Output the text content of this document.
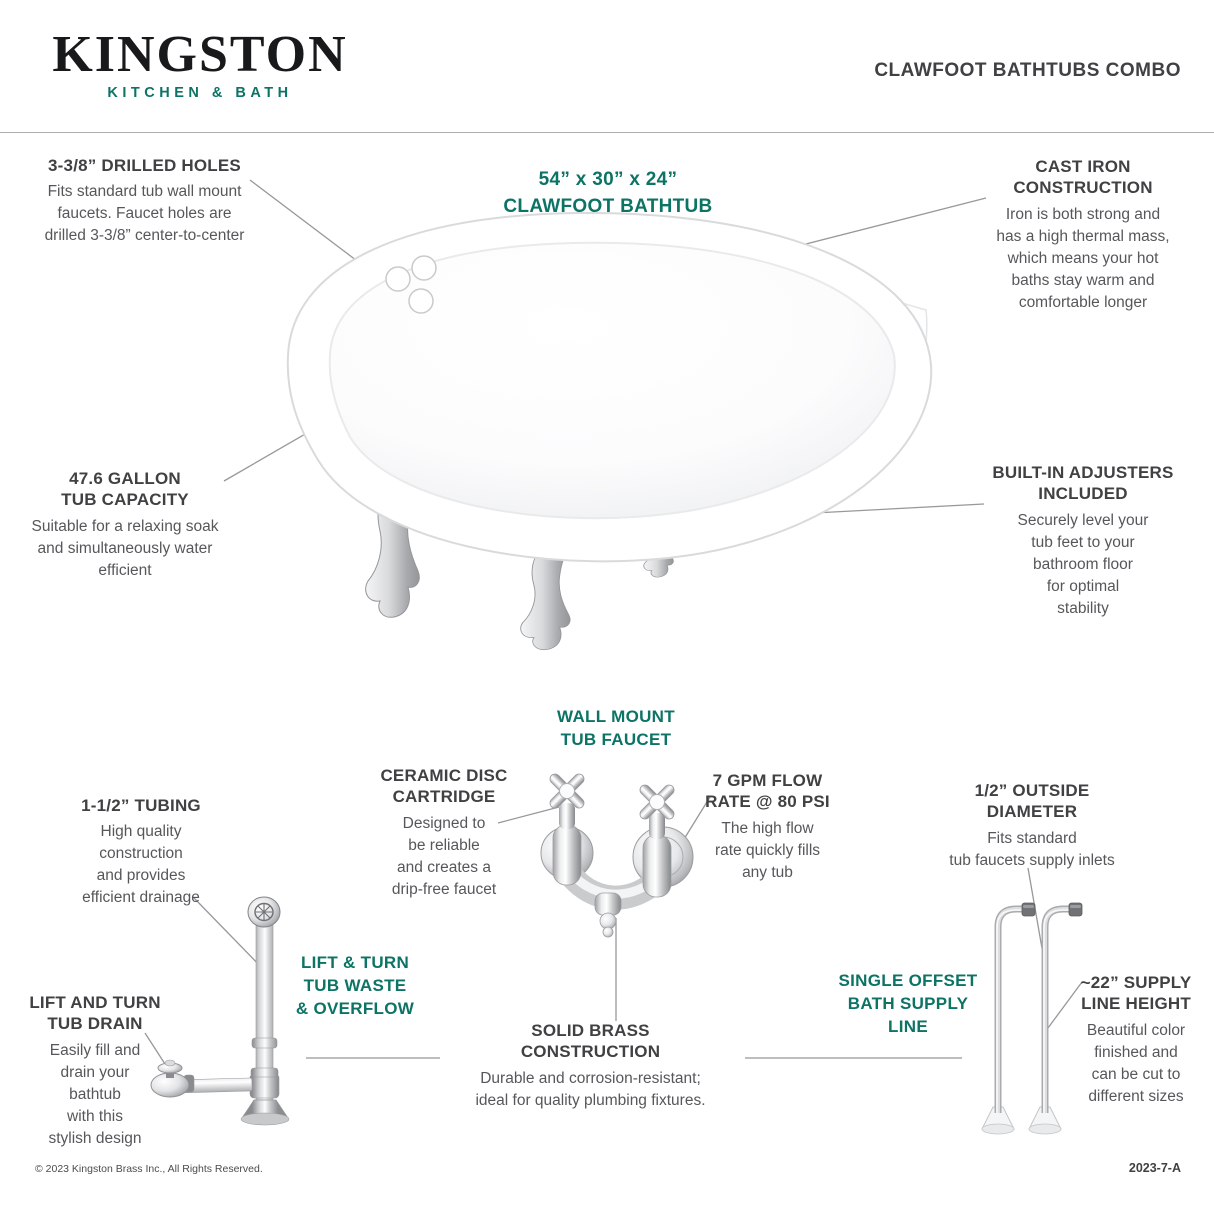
KINGSTON
KITCHEN & BATH
CLAWFOOT BATHTUBS COMBO
3-3/8” DRILLED HOLES
Fits standard tub wall mount
faucets. Faucet holes are
drilled 3-3/8” center-to-center
54” x 30” x 24”
CLAWFOOT BATHTUB
CAST IRON
CONSTRUCTION
Iron is both strong and
has a high thermal mass,
which means your hot
baths stay warm and
comfortable longer
47.6 GALLON
TUB CAPACITY
Suitable for a relaxing soak
and simultaneously water
efficient
BUILT-IN ADJUSTERS
INCLUDED
Securely level your
tub feet to your
bathroom floor
for optimal
stability
WALL MOUNT
TUB FAUCET
CERAMIC DISC
CARTRIDGE
Designed to
be reliable
and creates a
drip-free faucet
7 GPM FLOW
RATE @ 80 PSI
The high flow
rate quickly fills
any tub
1-1/2” TUBING
High quality
construction
and provides
efficient drainage
LIFT & TURN
TUB WASTE
& OVERFLOW
LIFT AND TURN
TUB DRAIN
Easily fill and
drain your
bathtub
with this
stylish design
SOLID BRASS
CONSTRUCTION
Durable and corrosion-resistant;
ideal for quality plumbing fixtures.
SINGLE OFFSET
BATH SUPPLY
LINE
1/2” OUTSIDE
DIAMETER
Fits standard
tub faucets supply inlets
~22” SUPPLY
LINE HEIGHT
Beautiful color
finished and
can be cut to
different sizes
© 2023 Kingston Brass Inc., All Rights Reserved.	2023-7-A
